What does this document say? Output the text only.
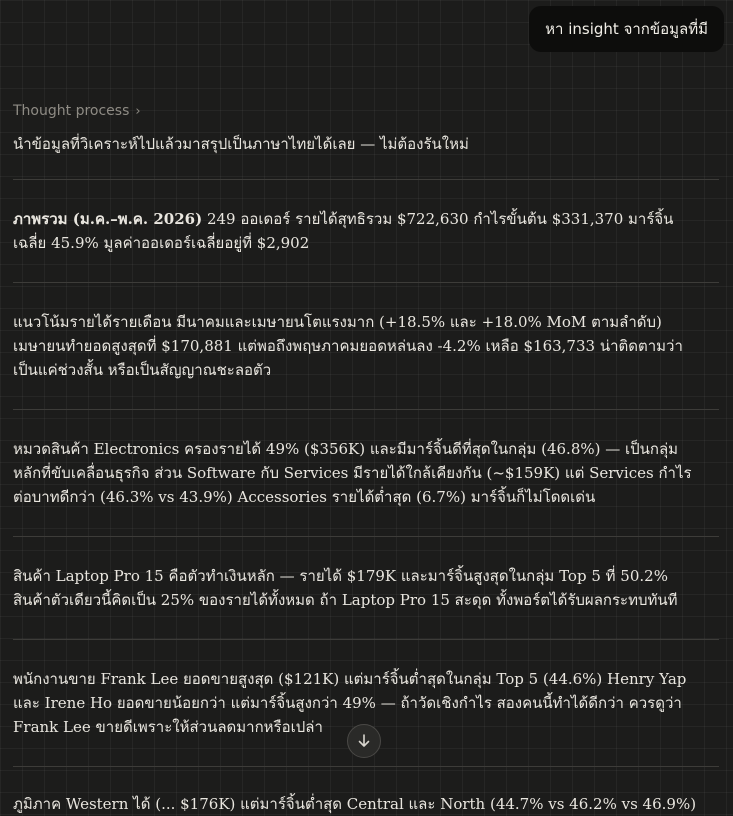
หา insight จากข้อมูลที่มี
Thought process ›
นำข้อมูลที่วิเคราะห์ไปแล้วมาสรุปเป็นภาษาไทยได้เลย — ไม่ต้องรันใหม่
ภาพรวม (ม.ค.–พ.ค. 2026) 249 ออเดอร์ รายได้สุทธิรวม $722,630 กำไรขั้นต้น $331,370 มาร์จิ้นเฉลี่ย 45.9% มูลค่าออเดอร์เฉลี่ยอยู่ที่ $2,902
แนวโน้มรายได้รายเดือน มีนาคมและเมษายนโตแรงมาก (+18.5% และ +18.0% MoM ตามลำดับ) เมษายนทำยอดสูงสุดที่ $170,881 แต่พอถึงพฤษภาคมยอดหล่นลง -4.2% เหลือ $163,733 น่าติดตามว่าเป็นแค่ช่วงสั้น หรือเป็นสัญญาณชะลอตัว
หมวดสินค้า Electronics ครองรายได้ 49% ($356K) และมีมาร์จิ้นดีที่สุดในกลุ่ม (46.8%) — เป็นกลุ่มหลักที่ขับเคลื่อนธุรกิจ ส่วน Software กับ Services มีรายได้ใกล้เคียงกัน (~$159K) แต่ Services กำไรต่อบาทดีกว่า (46.3% vs 43.9%) Accessories รายได้ต่ำสุด (6.7%) มาร์จิ้นก็ไม่โดดเด่น
สินค้า Laptop Pro 15 คือตัวทำเงินหลัก — รายได้ $179K และมาร์จิ้นสูงสุดในกลุ่ม Top 5 ที่ 50.2% สินค้าตัวเดียวนี้คิดเป็น 25% ของรายได้ทั้งหมด ถ้า Laptop Pro 15 สะดุด ทั้งพอร์ตได้รับผลกระทบทันที
พนักงานขาย Frank Lee ยอดขายสูงสุด ($121K) แต่มาร์จิ้นต่ำสุดในกลุ่ม Top 5 (44.6%) Henry Yap และ Irene Ho ยอดขายน้อยกว่า แต่มาร์จิ้นสูงกว่า 49% — ถ้าวัดเชิงกำไร สองคนนี้ทำได้ดีกว่า ควรดูว่า Frank Lee ขายดีเพราะให้ส่วนลดมากหรือเปล่า
ภูมิภาค Western ได้ (... $176K) แต่มาร์จิ้นต่ำสุด Central และ North (44.7% vs 46.2% vs 46.9%)
